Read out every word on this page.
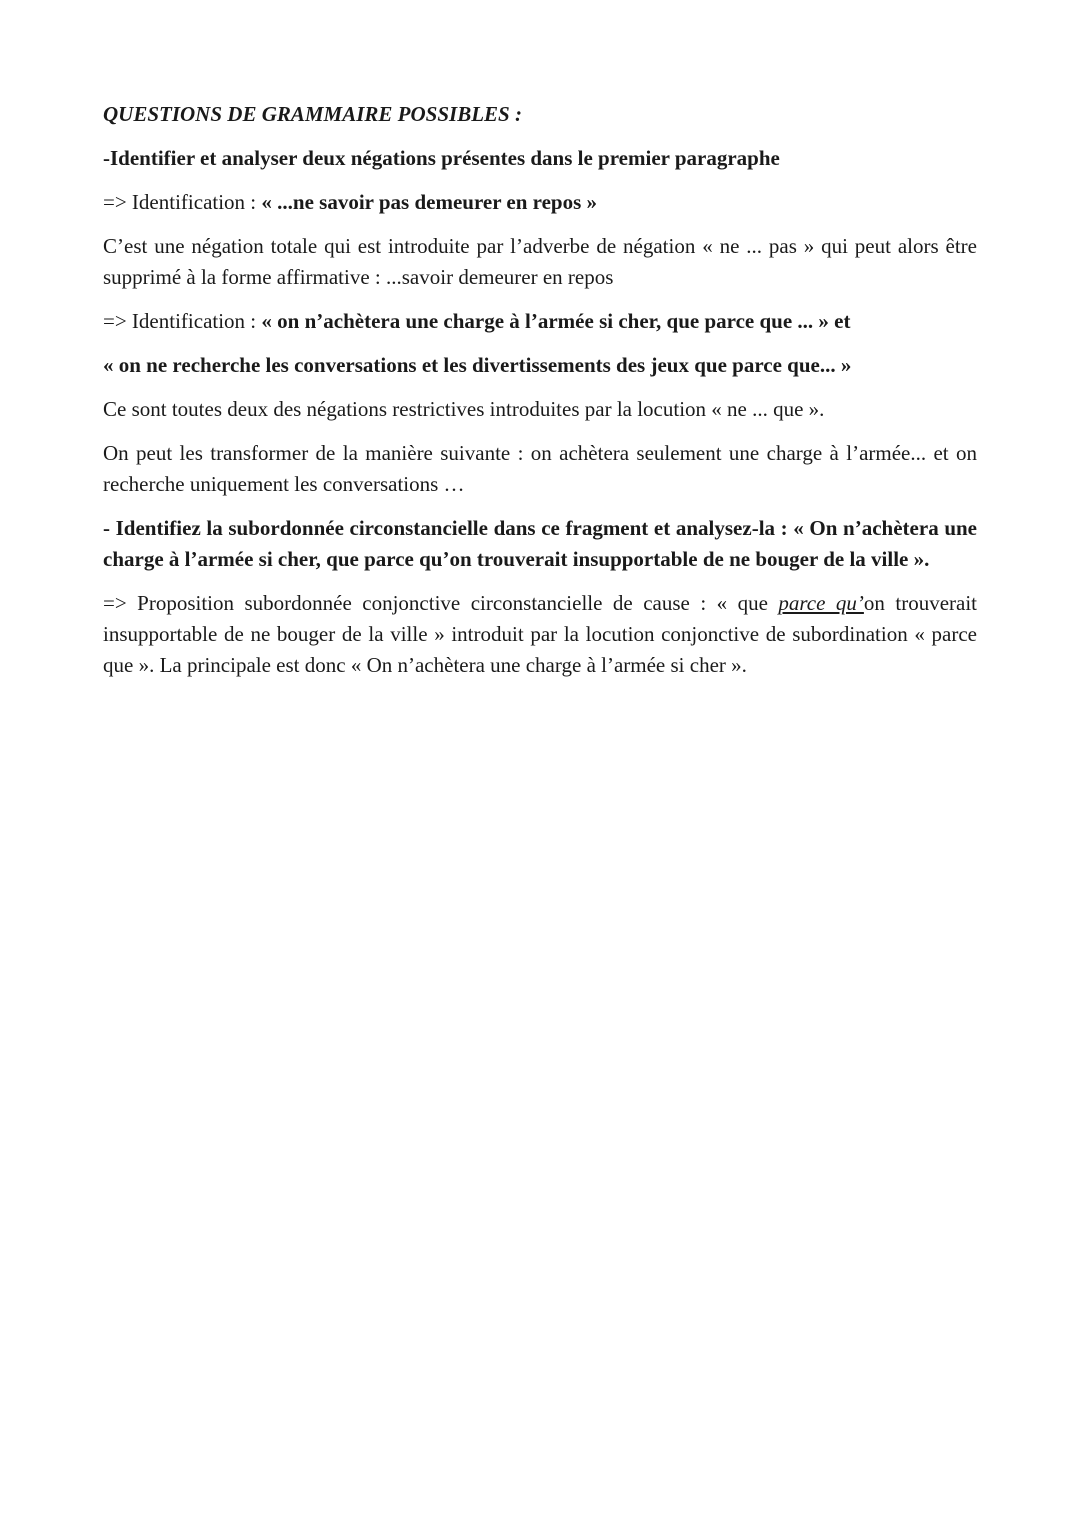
QUESTIONS DE GRAMMAIRE POSSIBLES :

-Identifier et analyser deux négations présentes dans le premier paragraphe

=> Identification : « ...ne savoir pas demeurer en repos »

C’est une négation totale qui est introduite par l’adverbe de négation « ne ... pas » qui peut alors être supprimé à la forme affirmative : ...savoir demeurer en repos

=> Identification : « on n’achètera une charge à l’armée si cher, que parce que ... » et

« on ne recherche les conversations et les divertissements des jeux que parce que... »

Ce sont toutes deux des négations restrictives introduites par la locution « ne ... que ».

On peut les transformer de la manière suivante : on achètera seulement une charge à l’armée... et on recherche uniquement les conversations …

- Identifiez la subordonnée circonstancielle dans ce fragment et analysez-la : « On n’achètera une charge à l’armée si cher, que parce qu’on trouverait insupportable de ne bouger de la ville ».

=> Proposition subordonnée conjonctive circonstancielle de cause : « que parce qu’on trouverait insupportable de ne bouger de la ville » introduit par la locution conjonctive de subordination « parce que ». La principale est donc « On n’achètera une charge à l’armée si cher ».
